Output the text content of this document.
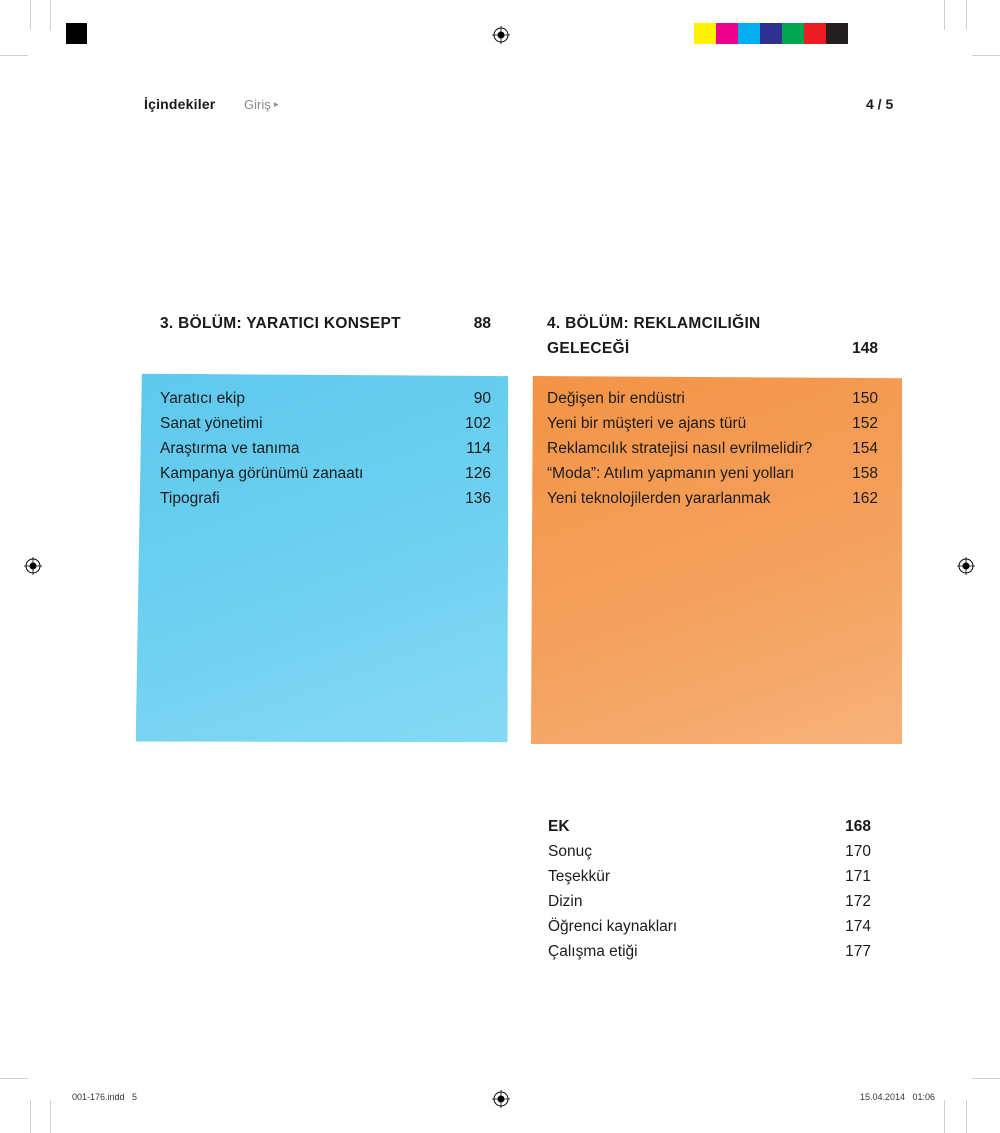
İçindekiler Giriş ▸	4 / 5
3. BÖLÜM: YARATICI KONSEPT	88
Yaratıcı ekip	90
Sanat yönetimi	102
Araştırma ve tanıma	114
Kampanya görünümü zanaatı	126
Tipografi	136
4. BÖLÜM: REKLAMCILIĞIN
GELECEĞİ	148
Değişen bir endüstri	150
Yeni bir müşteri ve ajans türü	152
Reklamcılık stratejisi nasıl evrilmelidir?	154
“Moda”: Atılım yapmanın yeni yolları	158
Yeni teknolojilerden yararlanmak	162
EK	168
Sonuç	170
Teşekkür	171
Dizin	172
Öğrenci kaynakları	174
Çalışma etiği	177
001-176.indd   5	15.04.2014   01:06
